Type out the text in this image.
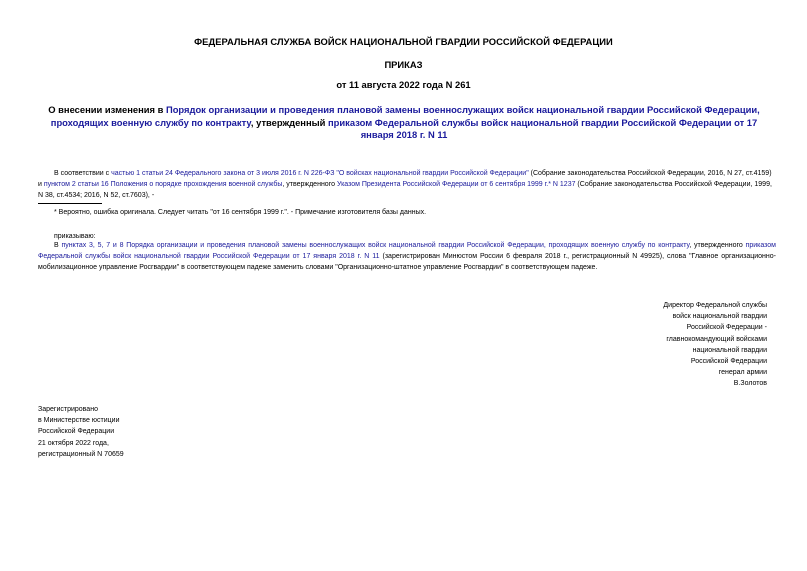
ФЕДЕРАЛЬНАЯ СЛУЖБА ВОЙСК НАЦИОНАЛЬНОЙ ГВАРДИИ РОССИЙСКОЙ ФЕДЕРАЦИИ
ПРИКАЗ
от 11 августа 2022 года N 261
О внесении изменения в Порядок организации и проведения плановой замены военнослужащих войск национальной гвардии Российской Федерации, проходящих военную службу по контракту, утвержденный приказом Федеральной службы войск национальной гвардии Российской Федерации от 17 января 2018 г. N 11
В соответствии с частью 1 статьи 24 Федерального закона от 3 июля 2016 г. N 226-ФЗ "О войсках национальной гвардии Российской Федерации" (Собрание законодательства Российской Федерации, 2016, N 27, ст.4159) и пунктом 2 статьи 16 Положения о порядке прохождения военной службы, утвержденного Указом Президента Российской Федерации от 6 сентября 1999 г.* N 1237 (Собрание законодательства Российской Федерации, 1999, N 38, ст.4534; 2016, N 52, ст.7603), -
* Вероятно, ошибка оригинала. Следует читать "от 16 сентября 1999 г.". - Примечание изготовителя базы данных.
приказываю:
В пунктах 3, 5, 7 и 8 Порядка организации и проведения плановой замены военнослужащих войск национальной гвардии Российской Федерации, проходящих военную службу по контракту, утвержденного приказом Федеральной службы войск национальной гвардии Российской Федерации от 17 января 2018 г. N 11 (зарегистрирован Минюстом России 6 февраля 2018 г., регистрационный N 49925), слова "Главное организационно-мобилизационное управление Росгвардии" в соответствующем падеже заменить словами "Организационно-штатное управление Росгвардии" в соответствующем падеже.
Директор Федеральной службы
войск национальной гвардии
Российской Федерации -
главнокомандующий войсками
национальной гвардии
Российской Федерации
генерал армии
В.Золотов
Зарегистрировано
в Министерстве юстиции
Российской Федерации
21 октября 2022 года,
регистрационный N 70659
